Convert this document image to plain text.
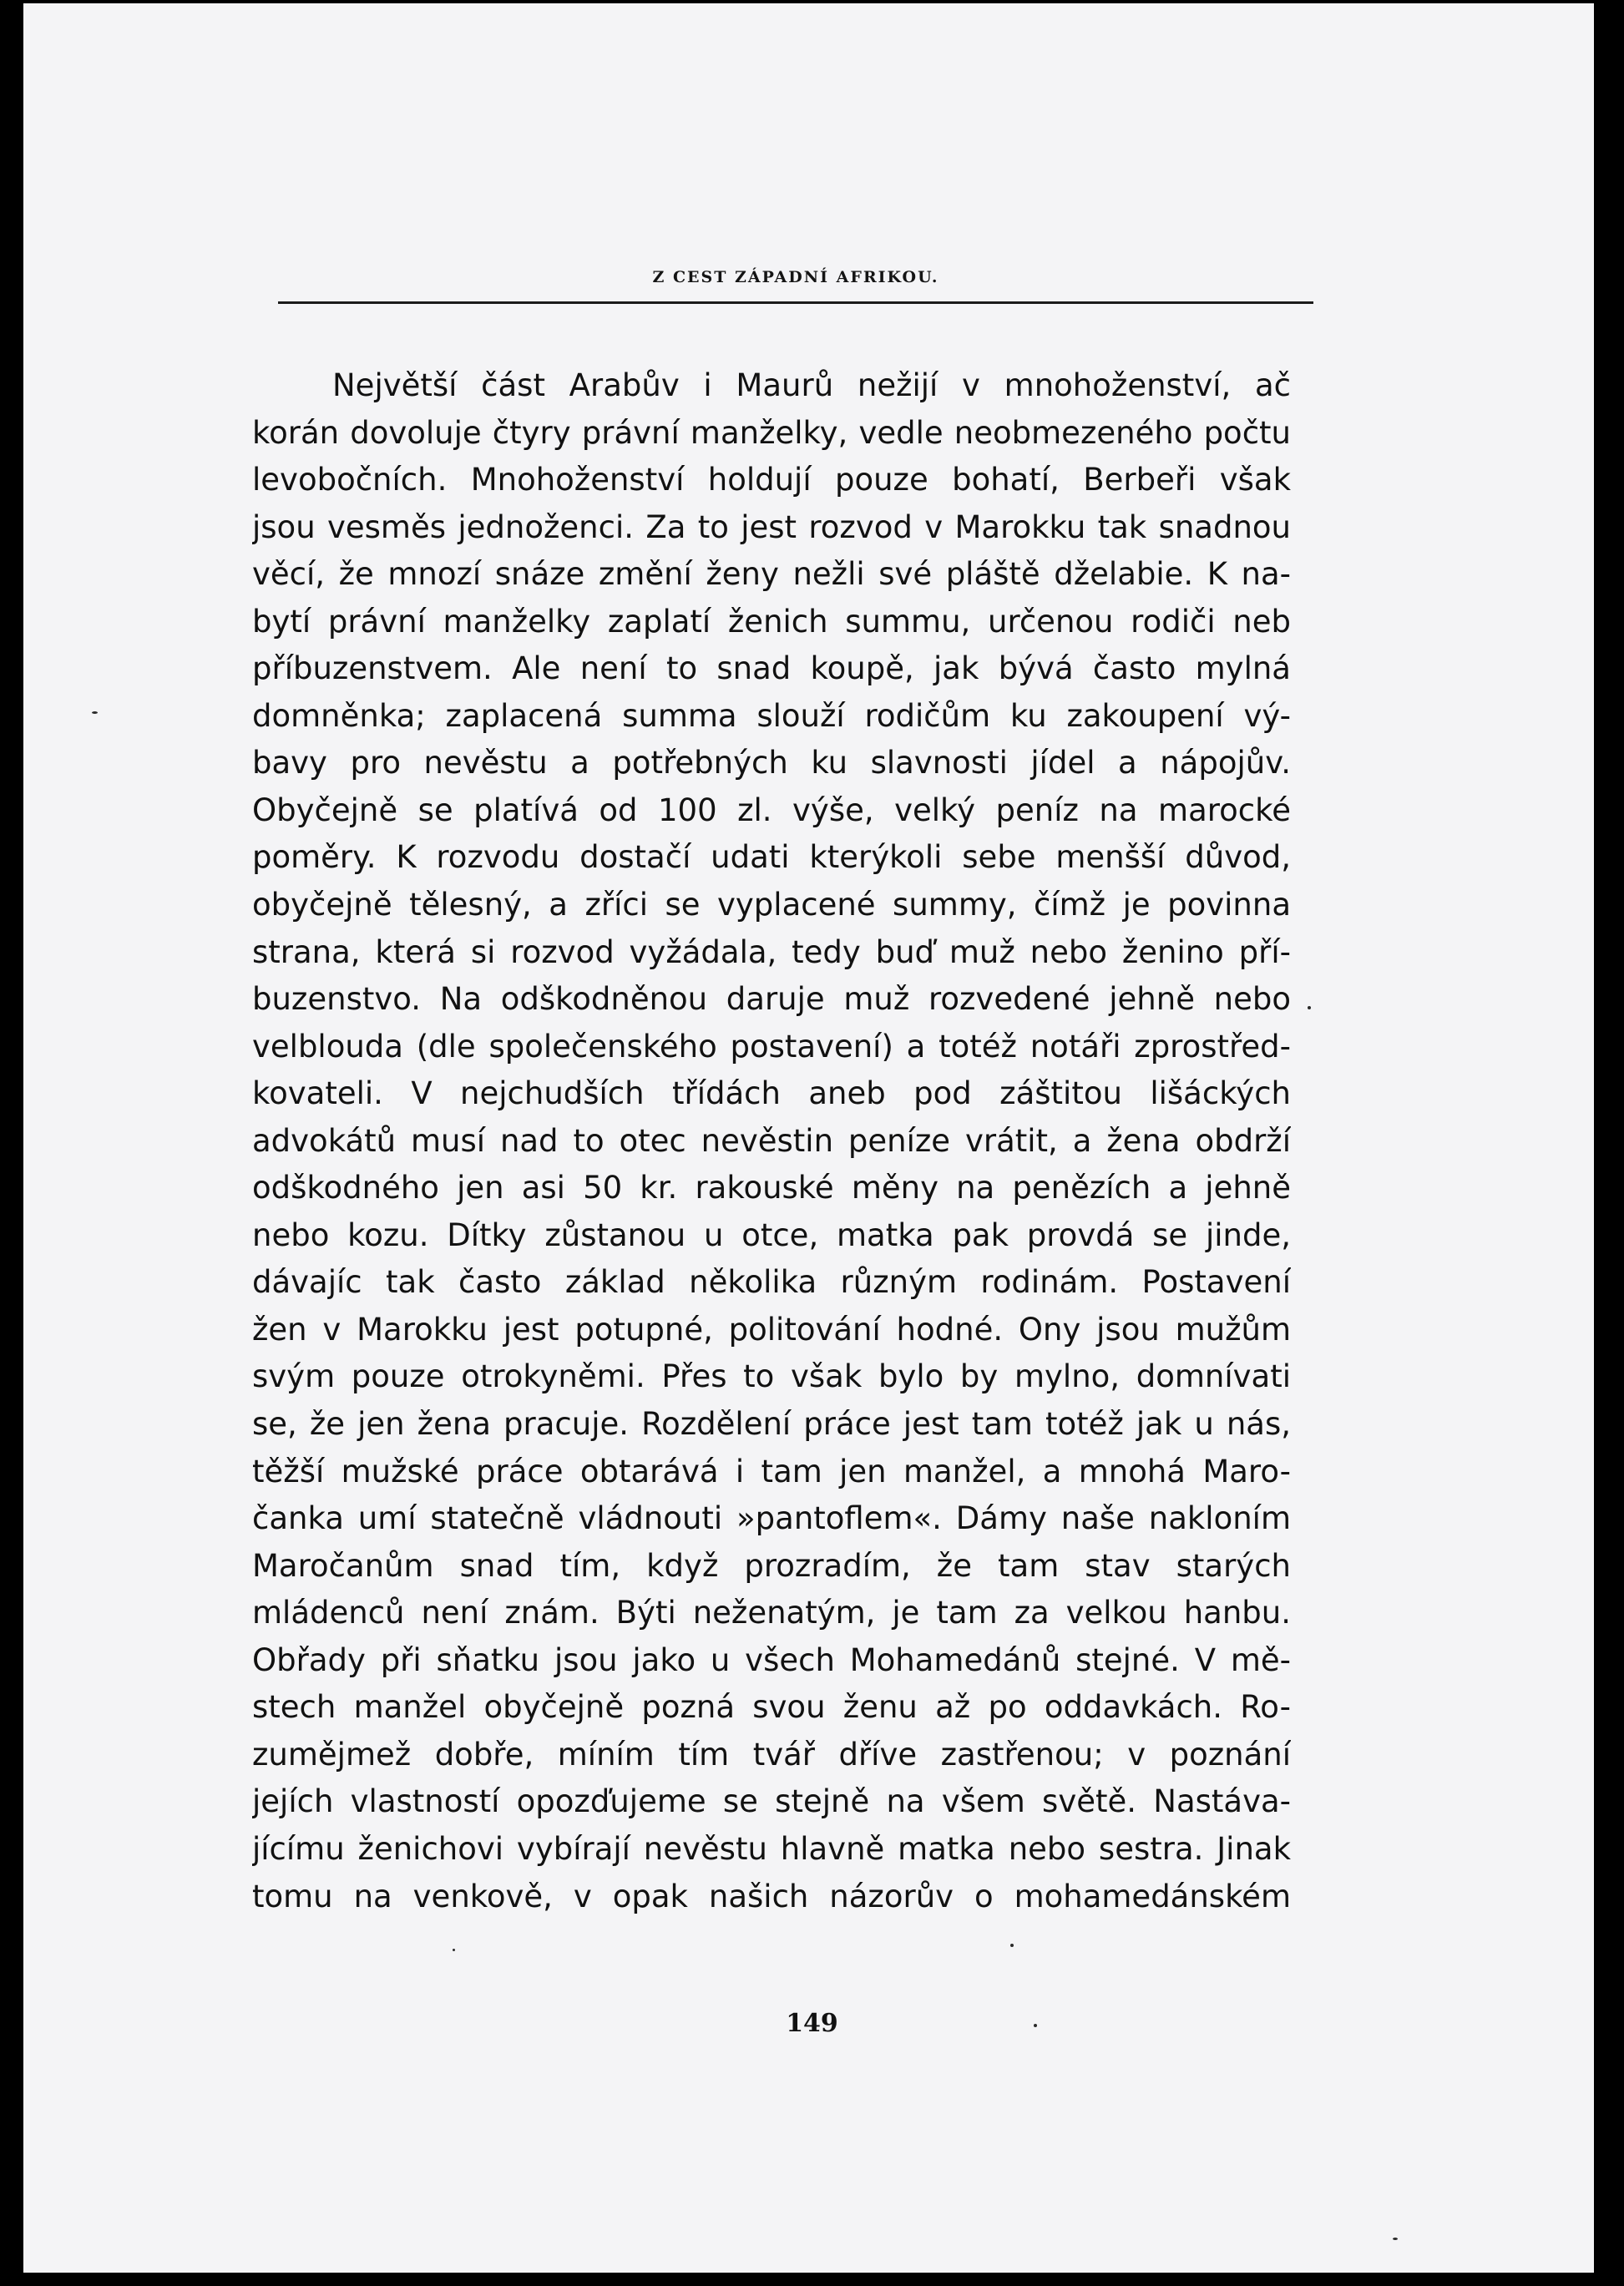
Z CEST ZÁPADNÍ AFRIKOU.
Největší část Arabův i Maurů nežijí v mnohoženství, ač
korán dovoluje čtyry právní manželky, vedle neobmezeného počtu
levobočních. Mnohoženství holdují pouze bohatí, Berbeři však
jsou vesměs jednoženci. Za to jest rozvod v Marokku tak snadnou
věcí, že mnozí snáze změní ženy nežli své pláště dželabie. K na-
bytí právní manželky zaplatí ženich summu, určenou rodiči neb
příbuzenstvem. Ale není to snad koupě, jak bývá často mylná
domněnka; zaplacená summa slouží rodičům ku zakoupení vý-
bavy pro nevěstu a potřebných ku slavnosti jídel a nápojův.
Obyčejně se platívá od 100 zl. výše, velký peníz na marocké
poměry. K rozvodu dostačí udati kterýkoli sebe menšší důvod,
obyčejně tělesný, a zříci se vyplacené summy, čímž je povinna
strana, která si rozvod vyžádala, tedy buď muž nebo ženino pří-
buzenstvo. Na odškodněnou daruje muž rozvedené jehně nebo
velblouda (dle společenského postavení) a totéž notáři zprostřed-
kovateli. V nejchudších třídách aneb pod záštitou lišáckých
advokátů musí nad to otec nevěstin peníze vrátit, a žena obdrží
odškodného jen asi 50 kr. rakouské měny na penězích a jehně
nebo kozu. Dítky zůstanou u otce, matka pak provdá se jinde,
dávajíc tak často základ několika různým rodinám. Postavení
žen v Marokku jest potupné, politování hodné. Ony jsou mužům
svým pouze otrokyněmi. Přes to však bylo by mylno, domnívati
se, že jen žena pracuje. Rozdělení práce jest tam totéž jak u nás,
těžší mužské práce obtarává i tam jen manžel, a mnohá Maro-
čanka umí statečně vládnouti »pantoflem«. Dámy naše nakloním
Maročanům snad tím, když prozradím, že tam stav starých
mládenců není znám. Býti neženatým, je tam za velkou hanbu.
Obřady při sňatku jsou jako u všech Mohamedánů stejné. V mě-
stech manžel obyčejně pozná svou ženu až po oddavkách. Ro-
zumějmež dobře, míním tím tvář dříve zastřenou; v poznání
jejích vlastností opozďujeme se stejně na všem světě. Nastáva-
jícímu ženichovi vybírají nevěstu hlavně matka nebo sestra. Jinak
tomu na venkově, v opak našich názorův o mohamedánském
149
